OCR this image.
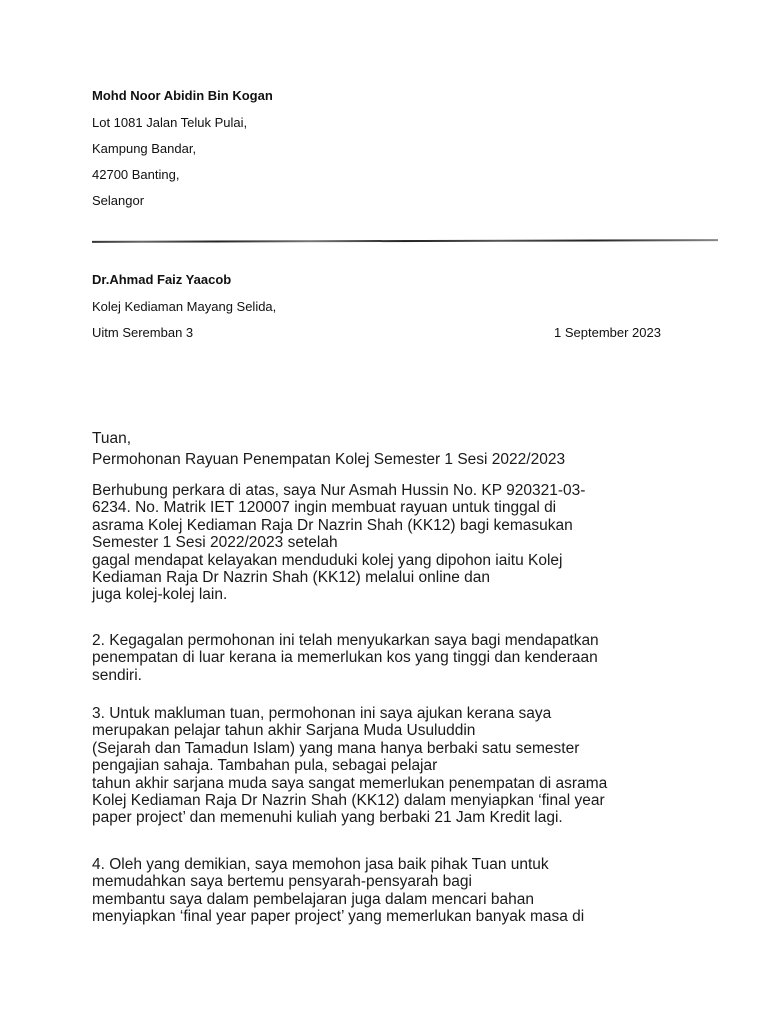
Mohd Noor Abidin Bin Kogan
Lot 1081 Jalan Teluk Pulai,
Kampung Bandar,
42700 Banting,
Selangor
Dr.Ahmad Faiz Yaacob
Kolej Kediaman Mayang Selida,
Uitm Seremban 3	1 September 2023
Tuan,
Permohonan Rayuan Penempatan Kolej Semester 1 Sesi 2022/2023
Berhubung perkara di atas, saya Nur Asmah Hussin No. KP 920321-03-
6234. No. Matrik IET 120007 ingin membuat rayuan untuk tinggal di
asrama Kolej Kediaman Raja Dr Nazrin Shah (KK12) bagi kemasukan
Semester 1 Sesi 2022/2023 setelah
gagal mendapat kelayakan menduduki kolej yang dipohon iaitu Kolej
Kediaman Raja Dr Nazrin Shah (KK12) melalui online dan
juga kolej-kolej lain.
2. Kegagalan permohonan ini telah menyukarkan saya bagi mendapatkan
penempatan di luar kerana ia memerlukan kos yang tinggi dan kenderaan
sendiri.
3. Untuk makluman tuan, permohonan ini saya ajukan kerana saya
merupakan pelajar tahun akhir Sarjana Muda Usuluddin
(Sejarah dan Tamadun Islam) yang mana hanya berbaki satu semester
pengajian sahaja. Tambahan pula, sebagai pelajar
tahun akhir sarjana muda saya sangat memerlukan penempatan di asrama
Kolej Kediaman Raja Dr Nazrin Shah (KK12) dalam menyiapkan ‘final year
paper project’ dan memenuhi kuliah yang berbaki 21 Jam Kredit lagi.
4. Oleh yang demikian, saya memohon jasa baik pihak Tuan untuk
memudahkan saya bertemu pensyarah-pensyarah bagi
membantu saya dalam pembelajaran juga dalam mencari bahan
menyiapkan ‘final year paper project’ yang memerlukan banyak masa di
